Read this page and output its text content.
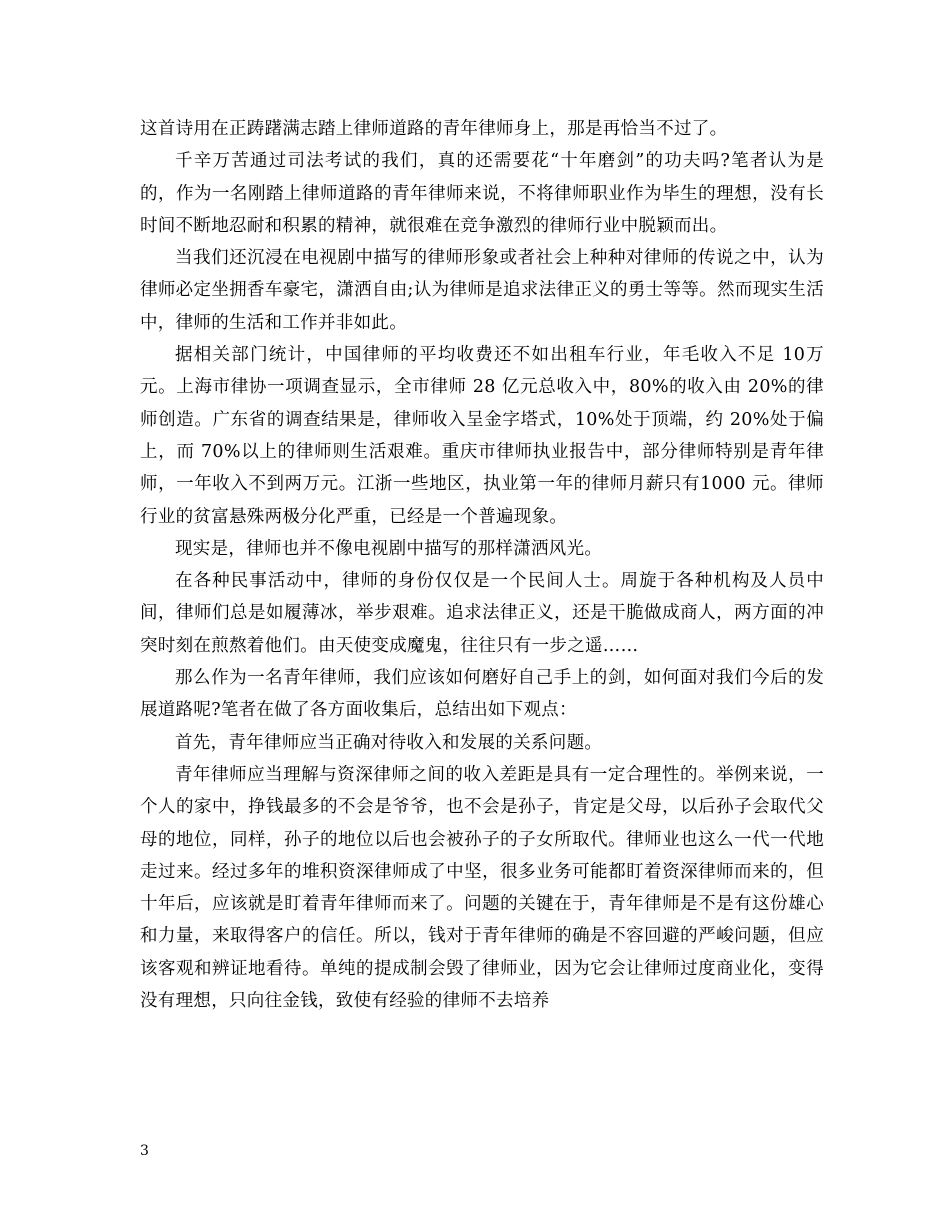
这首诗用在正踌躇满志踏上律师道路的青年律师身上，那是再恰当不过了。

千辛万苦通过司法考试的我们，真的还需要花“十年磨剑”的功夫吗?笔者认为是的，作为一名刚踏上律师道路的青年律师来说，不将律师职业作为毕生的理想，没有长时间不断地忍耐和积累的精神，就很难在竞争激烈的律师行业中脱颖而出。

当我们还沉浸在电视剧中描写的律师形象或者社会上种种对律师的传说之中，认为律师必定坐拥香车豪宅，潇洒自由;认为律师是追求法律正义的勇士等等。然而现实生活中，律师的生活和工作并非如此。

据相关部门统计，中国律师的平均收费还不如出租车行业，年毛收入不足 10万元。上海市律协一项调查显示，全市律师 28 亿元总收入中，80%的收入由 20%的律师创造。广东省的调查结果是，律师收入呈金字塔式，10%处于顶端，约 20%处于偏上，而 70%以上的律师则生活艰难。重庆市律师执业报告中，部分律师特别是青年律师，一年收入不到两万元。江浙一些地区，执业第一年的律师月薪只有1000 元。律师行业的贫富悬殊两极分化严重，已经是一个普遍现象。

现实是，律师也并不像电视剧中描写的那样潇洒风光。

在各种民事活动中，律师的身份仅仅是一个民间人士。周旋于各种机构及人员中间，律师们总是如履薄冰，举步艰难。追求法律正义，还是干脆做成商人，两方面的冲突时刻在煎熬着他们。由天使变成魔鬼，往往只有一步之遥……

那么作为一名青年律师，我们应该如何磨好自己手上的剑，如何面对我们今后的发展道路呢?笔者在做了各方面收集后，总结出如下观点：

首先，青年律师应当正确对待收入和发展的关系问题。

青年律师应当理解与资深律师之间的收入差距是具有一定合理性的。举例来说，一个人的家中，挣钱最多的不会是爷爷，也不会是孙子，肯定是父母，以后孙子会取代父母的地位，同样，孙子的地位以后也会被孙子的子女所取代。律师业也这么一代一代地走过来。经过多年的堆积资深律师成了中坚，很多业务可能都盯着资深律师而来的，但十年后，应该就是盯着青年律师而来了。问题的关键在于，青年律师是不是有这份雄心和力量，来取得客户的信任。所以，钱对于青年律师的确是不容回避的严峻问题，但应该客观和辨证地看待。单纯的提成制会毁了律师业，因为它会让律师过度商业化，变得没有理想，只向往金钱，致使有经验的律师不去培养

3
